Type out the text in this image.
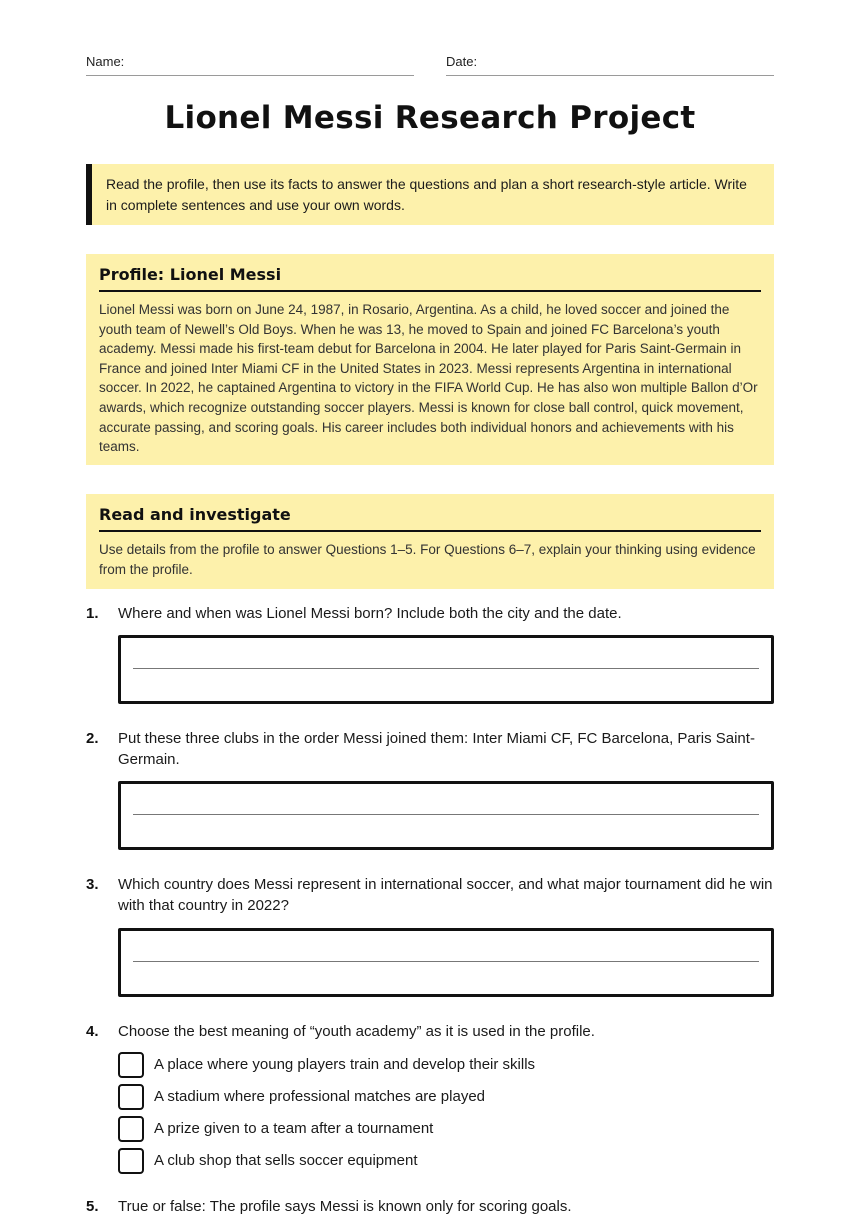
Name:	Date:
Lionel Messi Research Project

Read the profile, then use its facts to answer the questions and plan a short research-style article. Write in complete sentences and use your own words.

Profile: Lionel Messi
Lionel Messi was born on June 24, 1987, in Rosario, Argentina. As a child, he loved soccer and joined the youth team of Newell’s Old Boys. When he was 13, he moved to Spain and joined FC Barcelona’s youth academy. Messi made his first-team debut for Barcelona in 2004. He later played for Paris Saint-Germain in France and joined Inter Miami CF in the United States in 2023. Messi represents Argentina in international soccer. In 2022, he captained Argentina to victory in the FIFA World Cup. He has also won multiple Ballon d’Or awards, which recognize outstanding soccer players. Messi is known for close ball control, quick movement, accurate passing, and scoring goals. His career includes both individual honors and achievements with his teams.
Read and investigate
Use details from the profile to answer Questions 1–5. For Questions 6–7, explain your thinking using evidence from the profile.
1. Where and when was Lionel Messi born? Include both the city and the date.
2. Put these three clubs in the order Messi joined them: Inter Miami CF, FC Barcelona, Paris Saint-Germain.
3. Which country does Messi represent in international soccer, and what major tournament did he win with that country in 2022?
4. Choose the best meaning of “youth academy” as it is used in the profile.
A place where young players train and develop their skills
A stadium where professional matches are played
A prize given to a team after a tournament
A club shop that sells soccer equipment
5. True or false: The profile says Messi is known only for scoring goals.
